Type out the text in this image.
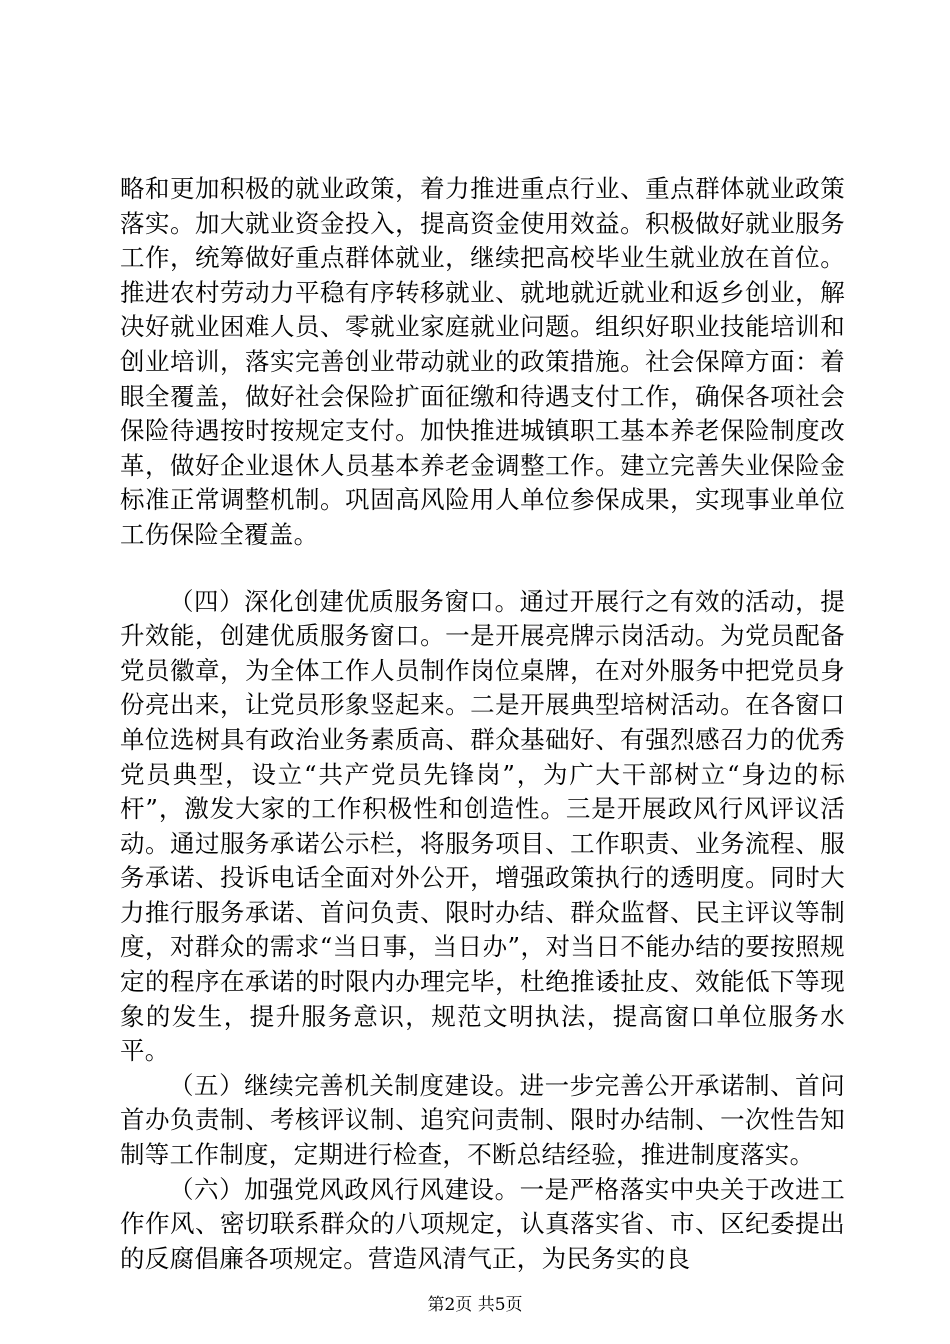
略和更加积极的就业政策，着力推进重点行业、重点群体就业政策落实。加大就业资金投入，提高资金使用效益。积极做好就业服务工作，统筹做好重点群体就业，继续把高校毕业生就业放在首位。推进农村劳动力平稳有序转移就业、就地就近就业和返乡创业，解决好就业困难人员、零就业家庭就业问题。组织好职业技能培训和创业培训，落实完善创业带动就业的政策措施。社会保障方面：着眼全覆盖，做好社会保险扩面征缴和待遇支付工作，确保各项社会保险待遇按时按规定支付。加快推进城镇职工基本养老保险制度改革，做好企业退休人员基本养老金调整工作。建立完善失业保险金标准正常调整机制。巩固高风险用人单位参保成果，实现事业单位工伤保险全覆盖。

（四）深化创建优质服务窗口。通过开展行之有效的活动，提升效能，创建优质服务窗口。一是开展亮牌示岗活动。为党员配备党员徽章，为全体工作人员制作岗位桌牌，在对外服务中把党员身份亮出来，让党员形象竖起来。二是开展典型培树活动。在各窗口单位选树具有政治业务素质高、群众基础好、有强烈感召力的优秀党员典型，设立“共产党员先锋岗”，为广大干部树立“身边的标杆”，激发大家的工作积极性和创造性。三是开展政风行风评议活动。通过服务承诺公示栏，将服务项目、工作职责、业务流程、服务承诺、投诉电话全面对外公开，增强政策执行的透明度。同时大力推行服务承诺、首问负责、限时办结、群众监督、民主评议等制度，对群众的需求“当日事，当日办”，对当日不能办结的要按照规定的程序在承诺的时限内办理完毕，杜绝推诿扯皮、效能低下等现象的发生，提升服务意识，规范文明执法，提高窗口单位服务水平。

（五）继续完善机关制度建设。进一步完善公开承诺制、首问首办负责制、考核评议制、追究问责制、限时办结制、一次性告知制等工作制度，定期进行检查，不断总结经验，推进制度落实。

（六）加强党风政风行风建设。一是严格落实中央关于改进工作作风、密切联系群众的八项规定，认真落实省、市、区纪委提出的反腐倡廉各项规定。营造风清气正，为民务实的良

第2页 共5页
